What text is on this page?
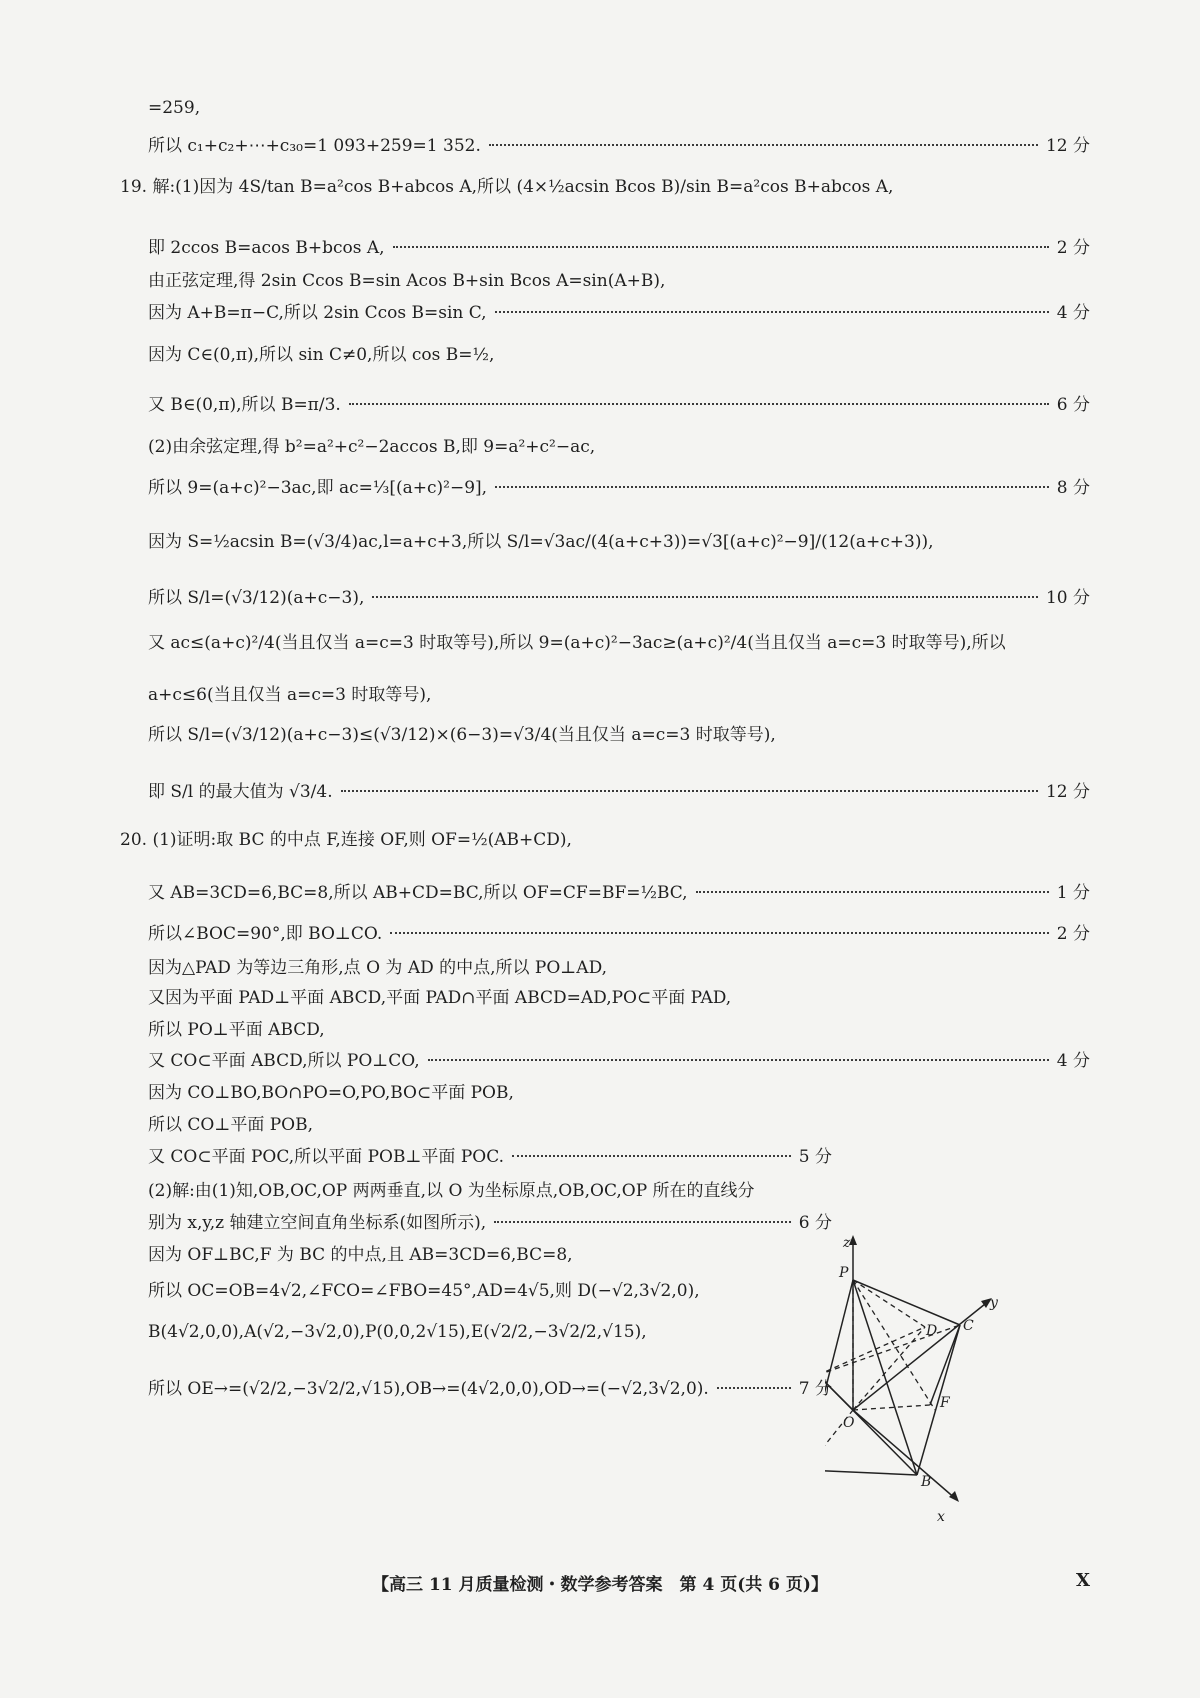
=259,
所以 c₁+c₂+⋯+c₃₀=1 093+259=1 352.	12 分
19. 解:(1)因为 4S/tan B=a²cos B+abcos A,所以 (4×½acsin Bcos B)/sin B=a²cos B+abcos A,
即 2ccos B=acos B+bcos A,	2 分
由正弦定理,得 2sin Ccos B=sin Acos B+sin Bcos A=sin(A+B),
因为 A+B=π−C,所以 2sin Ccos B=sin C,	4 分
因为 C∈(0,π),所以 sin C≠0,所以 cos B=½,
又 B∈(0,π),所以 B=π/3.	6 分
(2)由余弦定理,得 b²=a²+c²−2accos B,即 9=a²+c²−ac,
所以 9=(a+c)²−3ac,即 ac=⅓[(a+c)²−9],	8 分
因为 S=½acsin B=(√3/4)ac,l=a+c+3,所以 S/l=√3ac/(4(a+c+3))=√3[(a+c)²−9]/(12(a+c+3)),
所以 S/l=(√3/12)(a+c−3),	10 分
又 ac≤(a+c)²/4(当且仅当 a=c=3 时取等号),所以 9=(a+c)²−3ac≥(a+c)²/4(当且仅当 a=c=3 时取等号),所以
a+c≤6(当且仅当 a=c=3 时取等号),
所以 S/l=(√3/12)(a+c−3)≤(√3/12)×(6−3)=√3/4(当且仅当 a=c=3 时取等号),
即 S/l 的最大值为 √3/4.	12 分
20. (1)证明:取 BC 的中点 F,连接 OF,则 OF=½(AB+CD),
又 AB=3CD=6,BC=8,所以 AB+CD=BC,所以 OF=CF=BF=½BC,	1 分
所以∠BOC=90°,即 BO⊥CO.	2 分
因为△PAD 为等边三角形,点 O 为 AD 的中点,所以 PO⊥AD,
又因为平面 PAD⊥平面 ABCD,平面 PAD∩平面 ABCD=AD,PO⊂平面 PAD,
所以 PO⊥平面 ABCD,
又 CO⊂平面 ABCD,所以 PO⊥CO,	4 分
因为 CO⊥BO,BO∩PO=O,PO,BO⊂平面 POB,
所以 CO⊥平面 POB,
又 CO⊂平面 POC,所以平面 POB⊥平面 POC.	5 分
(2)解:由(1)知,OB,OC,OP 两两垂直,以 O 为坐标原点,OB,OC,OP 所在的直线分
别为 x,y,z 轴建立空间直角坐标系(如图所示),	6 分
因为 OF⊥BC,F 为 BC 的中点,且 AB=3CD=6,BC=8,
所以 OC=OB=4√2,∠FCO=∠FBO=45°,AD=4√5,则 D(−√2,3√2,0),
B(4√2,0,0),A(√2,−3√2,0),P(0,0,2√15),E(√2/2,−3√2/2,√15),
所以 OE→=(√2/2,−3√2/2,√15),OB→=(4√2,0,0),OD→=(−√2,3√2,0).	7 分
z
P
D C
y
F
O
B
x
【高三 11 月质量检测・数学参考答案　第 4 页(共 6 页)】	X
